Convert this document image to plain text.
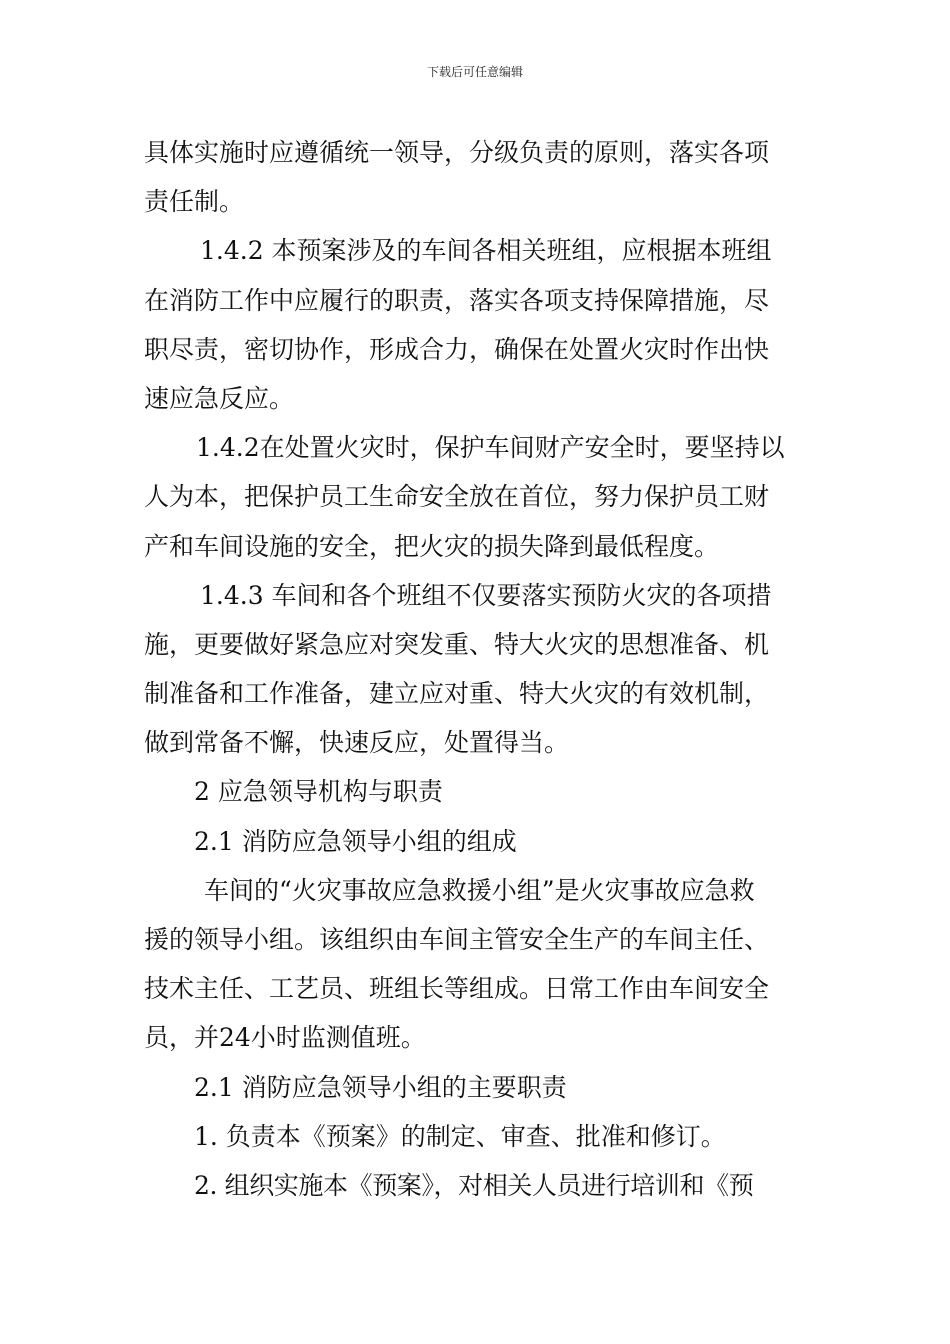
下载后可任意编辑
具体实施时应遵循统一领导，分级负责的原则，落实各项
责任制。
1.4.2 本预案涉及的车间各相关班组，应根据本班组
在消防工作中应履行的职责，落实各项支持保障措施，尽
职尽责，密切协作，形成合力，确保在处置火灾时作出快
速应急反应。
1.4.2在处置火灾时，保护车间财产安全时，要坚持以
人为本，把保护员工生命安全放在首位，努力保护员工财
产和车间设施的安全，把火灾的损失降到最低程度。
1.4.3 车间和各个班组不仅要落实预防火灾的各项措
施，更要做好紧急应对突发重、特大火灾的思想准备、机
制准备和工作准备，建立应对重、特大火灾的有效机制，
做到常备不懈，快速反应，处置得当。
2 应急领导机构与职责
2.1 消防应急领导小组的组成
车间的“火灾事故应急救援小组”是火灾事故应急救
援的领导小组。该组织由车间主管安全生产的车间主任、
技术主任、工艺员、班组长等组成。日常工作由车间安全
员，并24小时监测值班。
2.1 消防应急领导小组的主要职责
1. 负责本《预案》的制定、审查、批准和修订。
2. 组织实施本《预案》，对相关人员进行培训和《预
